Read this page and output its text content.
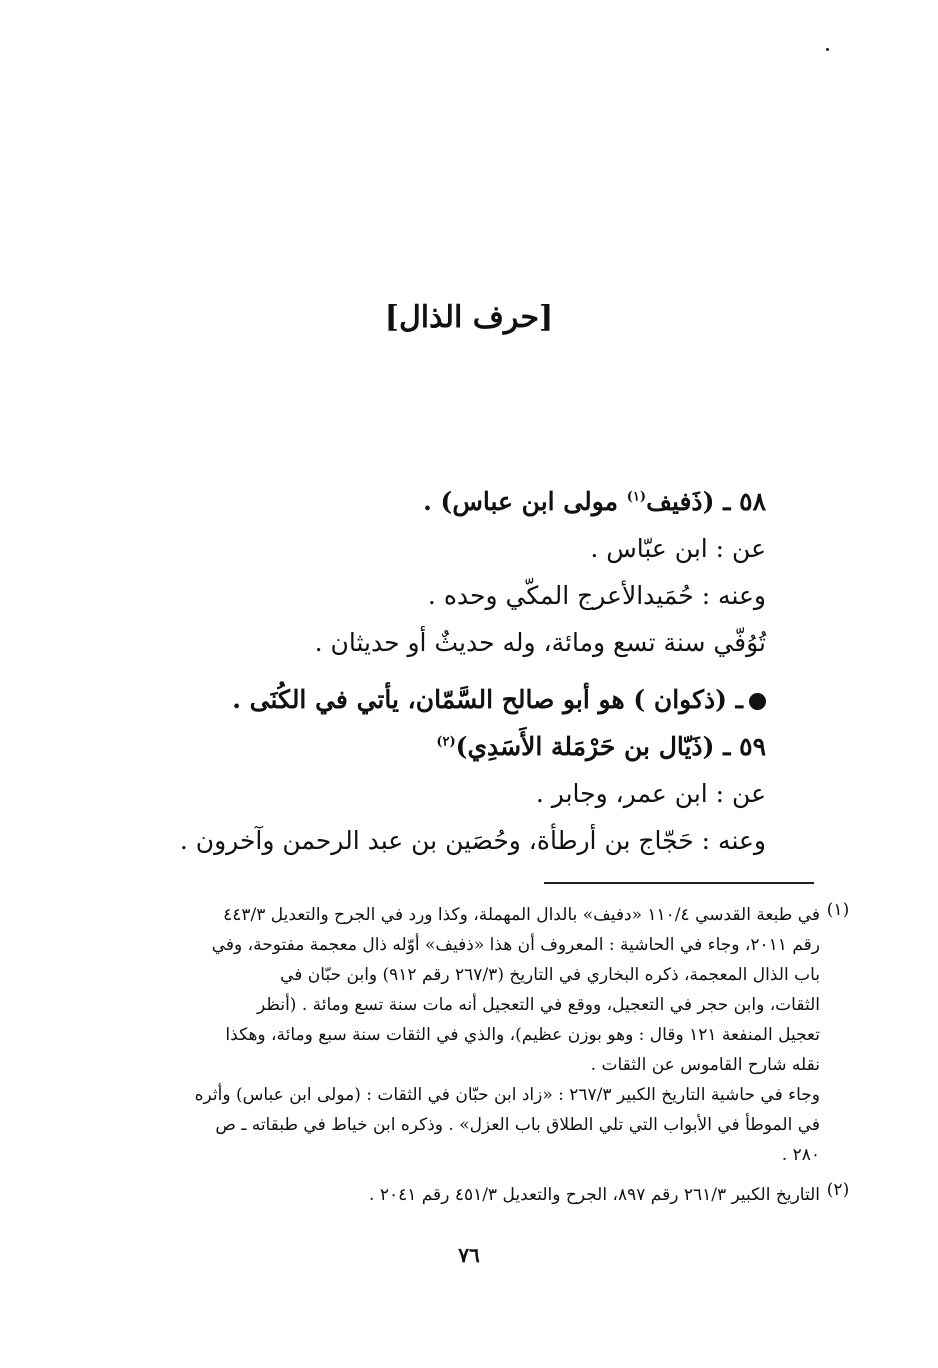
[حرف الذال]
٥٨ ـ (ذَفيف$^{(١)}$ مولى ابن عباس) .
عن : ابن عبّاس .
وعنه : حُمَيدالأعرج المكّي وحده .
تُوُفّي سنة تسع ومائة، وله حديثٌ أو حديثان .
ـ (ذكوان ) هو أبو صالح السَّمّان، يأتي في الكُنَى .
٥٩ ـ (ذَيّال بن حَرْمَلة الأَسَدِي)$^{(٢)}$
عن : ابن عمر، وجابر .
وعنه : حَجّاج بن أرطأة، وحُصَين بن عبد الرحمن وآخرون .
(١)
في طبعة القدسي ١١٠/٤ «دفيف» بالدال المهملة، وكذا ورد في الجرح والتعديل ٤٤٣/٣
رقم ٢٠١١، وجاء في الحاشية : المعروف أن هذا «ذفيف» أوّله ذال معجمة مفتوحة، وفي
باب الذال المعجمة، ذكره البخاري في التاريخ (٢٦٧/٣ رقم ٩١٢) وابن حبّان في
الثقات، وابن حجر في التعجيل، ووقع في التعجيل أنه مات سنة تسع ومائة . (أنظر
تعجيل المنفعة ١٢١ وقال : وهو بوزن عظيم)، والذي في الثقات سنة سبع ومائة، وهكذا
نقله شارح القاموس عن الثقات .
وجاء في حاشية التاريخ الكبير ٢٦٧/٣ : «زاد ابن حبّان في الثقات : (مولى ابن عباس) وأثره
في الموطأ في الأبواب التي تلي الطلاق باب العزل» . وذكره ابن خياط في طبقاته ـ ص
٢٨٠ .
(٢)
التاريخ الكبير ٢٦١/٣ رقم ٨٩٧، الجرح والتعديل ٤٥١/٣ رقم ٢٠٤١ .
٧٦
